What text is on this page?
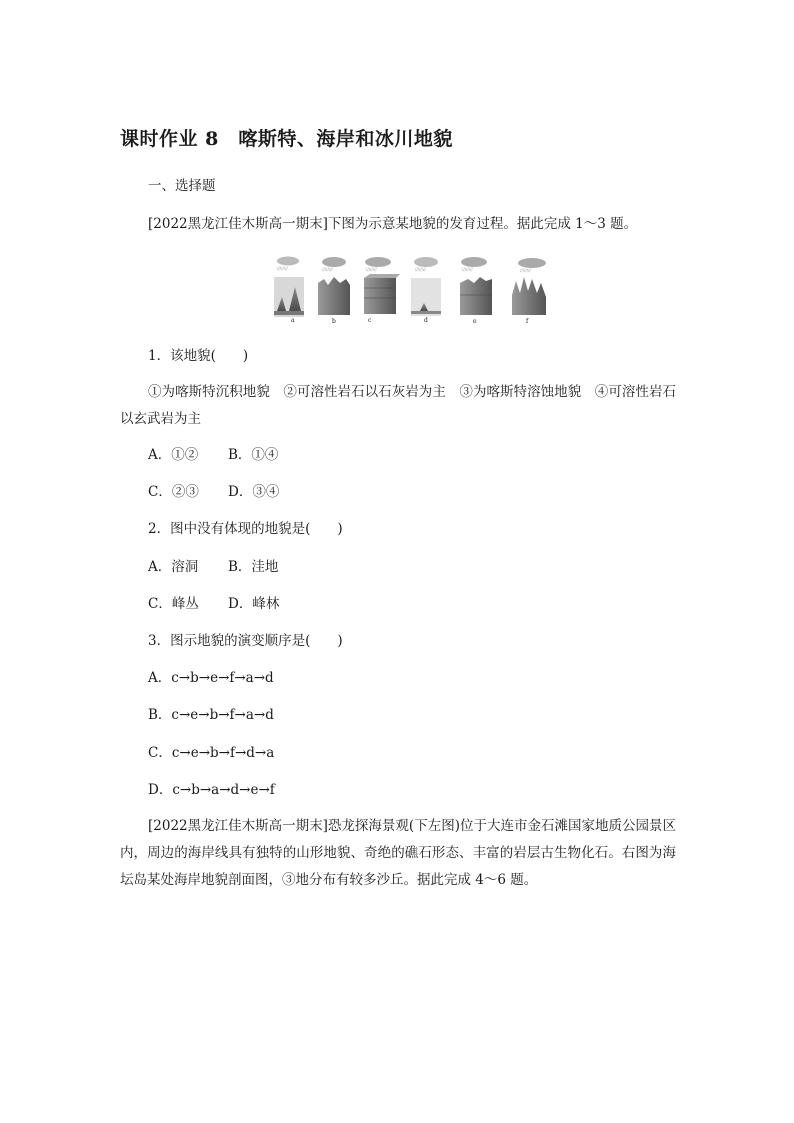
课时作业 8　喀斯特、海岸和冰川地貌
一、选择题
[2022黑龙江佳木斯高一期末]下图为示意某地貌的发育过程。据此完成 1～3 题。
////////
a
////////
b
////////
c
////////
d
////////
e
////////
f
1．该地貌(　　)
①为喀斯特沉积地貌　②可溶性岩石以石灰岩为主　③为喀斯特溶蚀地貌　④可溶性岩石以玄武岩为主
A．①② B．①④
C．②③ D．③④
2．图中没有体现的地貌是(　　)
A．溶洞 B．洼地
C．峰丛 D．峰林
3．图示地貌的演变顺序是(　　)
A．c→b→e→f→a→d
B．c→e→b→f→a→d
C．c→e→b→f→d→a
D．c→b→a→d→e→f
[2022黑龙江佳木斯高一期末]恐龙探海景观(下左图)位于大连市金石滩国家地质公园景区内，周边的海岸线具有独特的山形地貌、奇绝的礁石形态、丰富的岩层古生物化石。右图为海坛岛某处海岸地貌剖面图，③地分布有较多沙丘。据此完成 4～6 题。
